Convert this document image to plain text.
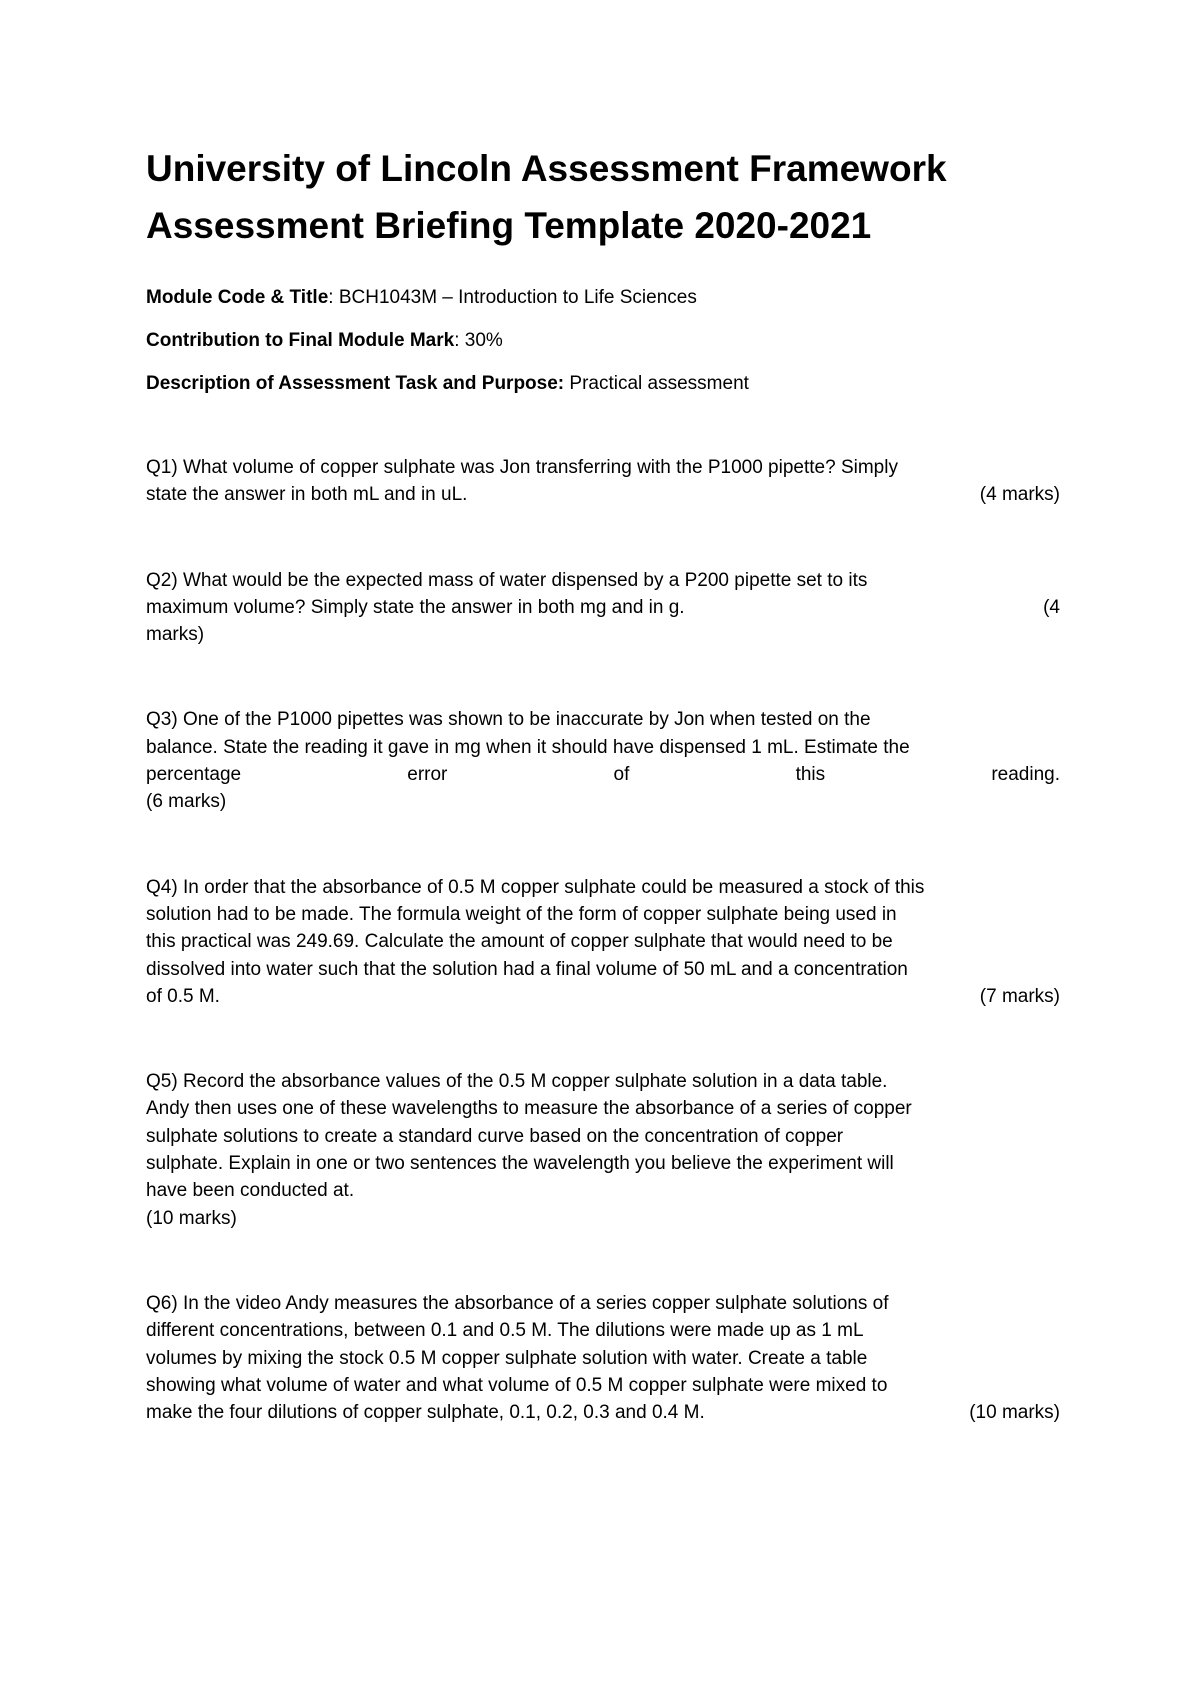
University of Lincoln Assessment Framework
Assessment Briefing Template 2020-2021

Module Code & Title: BCH1043M – Introduction to Life Sciences

Contribution to Final Module Mark: 30%

Description of Assessment Task and Purpose: Practical assessment

Q1) What volume of copper sulphate was Jon transferring with the P1000 pipette? Simply
state the answer in both mL and in uL.	(4 marks)
Q2) What would be the expected mass of water dispensed by a P200 pipette set to its
maximum volume? Simply state the answer in both mg and in g.	(4
marks)
Q3) One of the P1000 pipettes was shown to be inaccurate by Jon when tested on the
balance. State the reading it gave in mg when it should have dispensed 1 mL. Estimate the
percentage	error	of	this	reading.
(6 marks)
Q4) In order that the absorbance of 0.5 M copper sulphate could be measured a stock of this
solution had to be made. The formula weight of the form of copper sulphate being used in
this practical was 249.69. Calculate the amount of copper sulphate that would need to be
dissolved into water such that the solution had a final volume of 50 mL and a concentration
of 0.5 M.	(7 marks)
Q5) Record the absorbance values of the 0.5 M copper sulphate solution in a data table.
Andy then uses one of these wavelengths to measure the absorbance of a series of copper
sulphate solutions to create a standard curve based on the concentration of copper
sulphate. Explain in one or two sentences the wavelength you believe the experiment will
have been conducted at.
(10 marks)
Q6) In the video Andy measures the absorbance of a series copper sulphate solutions of
different concentrations, between 0.1 and 0.5 M. The dilutions were made up as 1 mL
volumes by mixing the stock 0.5 M copper sulphate solution with water. Create a table
showing what volume of water and what volume of 0.5 M copper sulphate were mixed to
make the four dilutions of copper sulphate, 0.1, 0.2, 0.3 and 0.4 M.	(10 marks)
